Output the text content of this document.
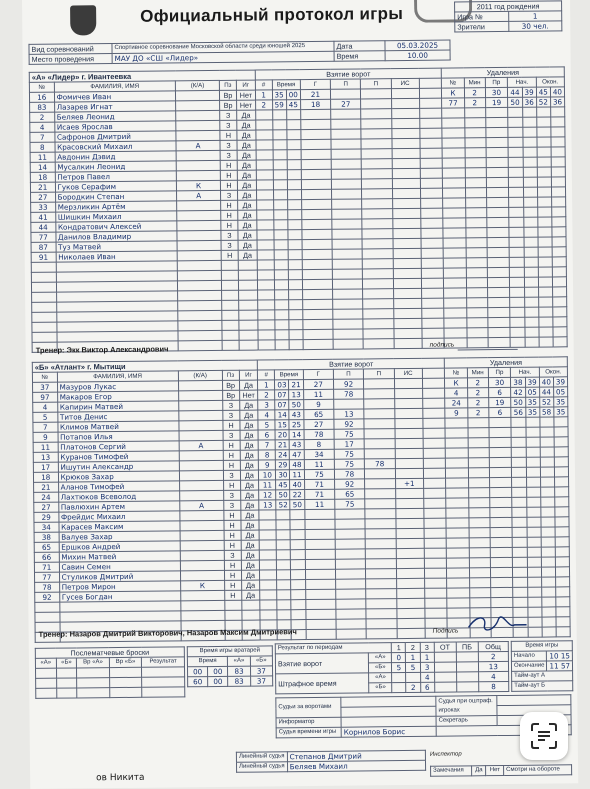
Официальный протокол игры	2011 год рождения	
Игра №	1
Зрители	30 чел.
Вид соревнований	Спортивное соревнование Московской области среди юношей 2025	Дата	05.03.2025
Место проведения	МАУ ДО «СШ «Лидер»	Время	10.00
«А» «Лидер» г. Ивантеевка					Взятие ворот								Удаления						
№	ФАМИЛИЯ, ИМЯ	(К/А)	Пз	Иг	#	Время		Г	П	П	ИС		№	Мин	Пр	Нач.		Окон.	
16	Фомичев Иван		Вр	Нет	1	35	00	21					К	2	30	44	39	45	40
83	Лазарев Игнат		Вр	Нет	2	59	45	18	27				77	2	19	50	36	52	36
2	Беляев Леонид		З	Да															
4	Исаев Ярослав		З	Да															
7	Сафронов Дмитрий		Н	Да															
8	Красовский Михаил	А	З	Да															
11	Авдонин Дэвид		З	Да															
14	Мусалкин Леонид		Н	Да															
18	Петров Павел		Н	Да															
21	Гуков Серафим	К	Н	Да															
27	Бородкин Степан	А	З	Да															
33	Мерзликин Артём		Н	Да															
41	Шишкин Михаил		Н	Да															
44	Кондратович Алексей		Н	Да															
77	Данилов Владимир		З	Да															
87	Туз Матвей		З	Да															
91	Николаев Иван		Н	Да															

Тренер: Экк Виктор Александрович	подпись
«Б» «Атлант» г. Мытищи					Взятие ворот								Удаления						
№	ФАМИЛИЯ, ИМЯ	(К/А)	Пз	Иг	#	Время		Г	П	П	ИС		№	Мин	Пр	Нач.		Окон.	
37	Мазуров Лукас		Вр	Да	1	03	21	27	92				К	2	30	38	39	40	39
97	Макаров Егор		Вр	Нет	2	07	13	11	78				4	2	6	42	05	44	05
4	Капирин Матвей		З	Да	3	07	50	9					24	2	19	50	35	52	35
5	Титов Денис		З	Да	4	14	43	65	13				9	2	6	56	35	58	35
7	Климов Матвей		Н	Да	5	15	25	27	92										
9	Потапов Илья		З	Да	6	20	14	78	75										
11	Платонов Сергий	А	Н	Да	7	21	43	8	17										
13	Куранов Тимофей		Н	Да	8	24	47	34	75										
17	Ишутин Александр		Н	Да	9	29	48	11	75	78									
18	Крюков Захар		З	Да	10	30	11	75	78										
21	Аланов Тимофей		Н	Да	11	45	40	71	92		+1								
24	Лахтюков Всеволод		З	Да	12	50	22	71	65										
27	Павлюхин Артем	А	З	Да	13	52	50	11	75										
29	Фрейдис Михаил		Н	Да															
34	Карасев Максим		Н	Да															
38	Валуев Захар		Н	Да															
65	Ершков Андрей		Н	Да															
66	Михин Матвей		З	Да															
71	Савин Семен		Н	Да															
77	Стуликов Дмитрий		Н	Да															
78	Петров Мирон	К	Н	Да															
92	Гусев Богдан		Н	Да															

Тренер: Назаров Дмитрий Викторович, Назаров Максим Дмитриевич	Подпись
Послематчевые броски				
«А»	«Б»	Вр «А»	Вр «Б»	Результат

Время игры вратарей			
Время		«А»	«Б»
00	00	83	37
60	00	83	37
Результат по периодам		1	2	3	ОТ	ПБ	Общ
Взятие ворот	«А»	0	1	1			2
	«Б»	5	5	3			13
Штрафное время	«А»			4			4
	«Б»		2	6			8
Время игры	
Начало	10 15
Окончание	11 57
Тайм-аут А	
Тайм-аут Б	
Судьи за воротами		Судья при оштраф. игроках	

Информатор		Секретарь	
Судья времени игры	Корнилов Борис		
Линейный судья	Степанов Дмитрий
Линейный судья	Беляев Михаил
Инспектор
Замечания	Да	Нет	Смотри на обороте
ов Никита
